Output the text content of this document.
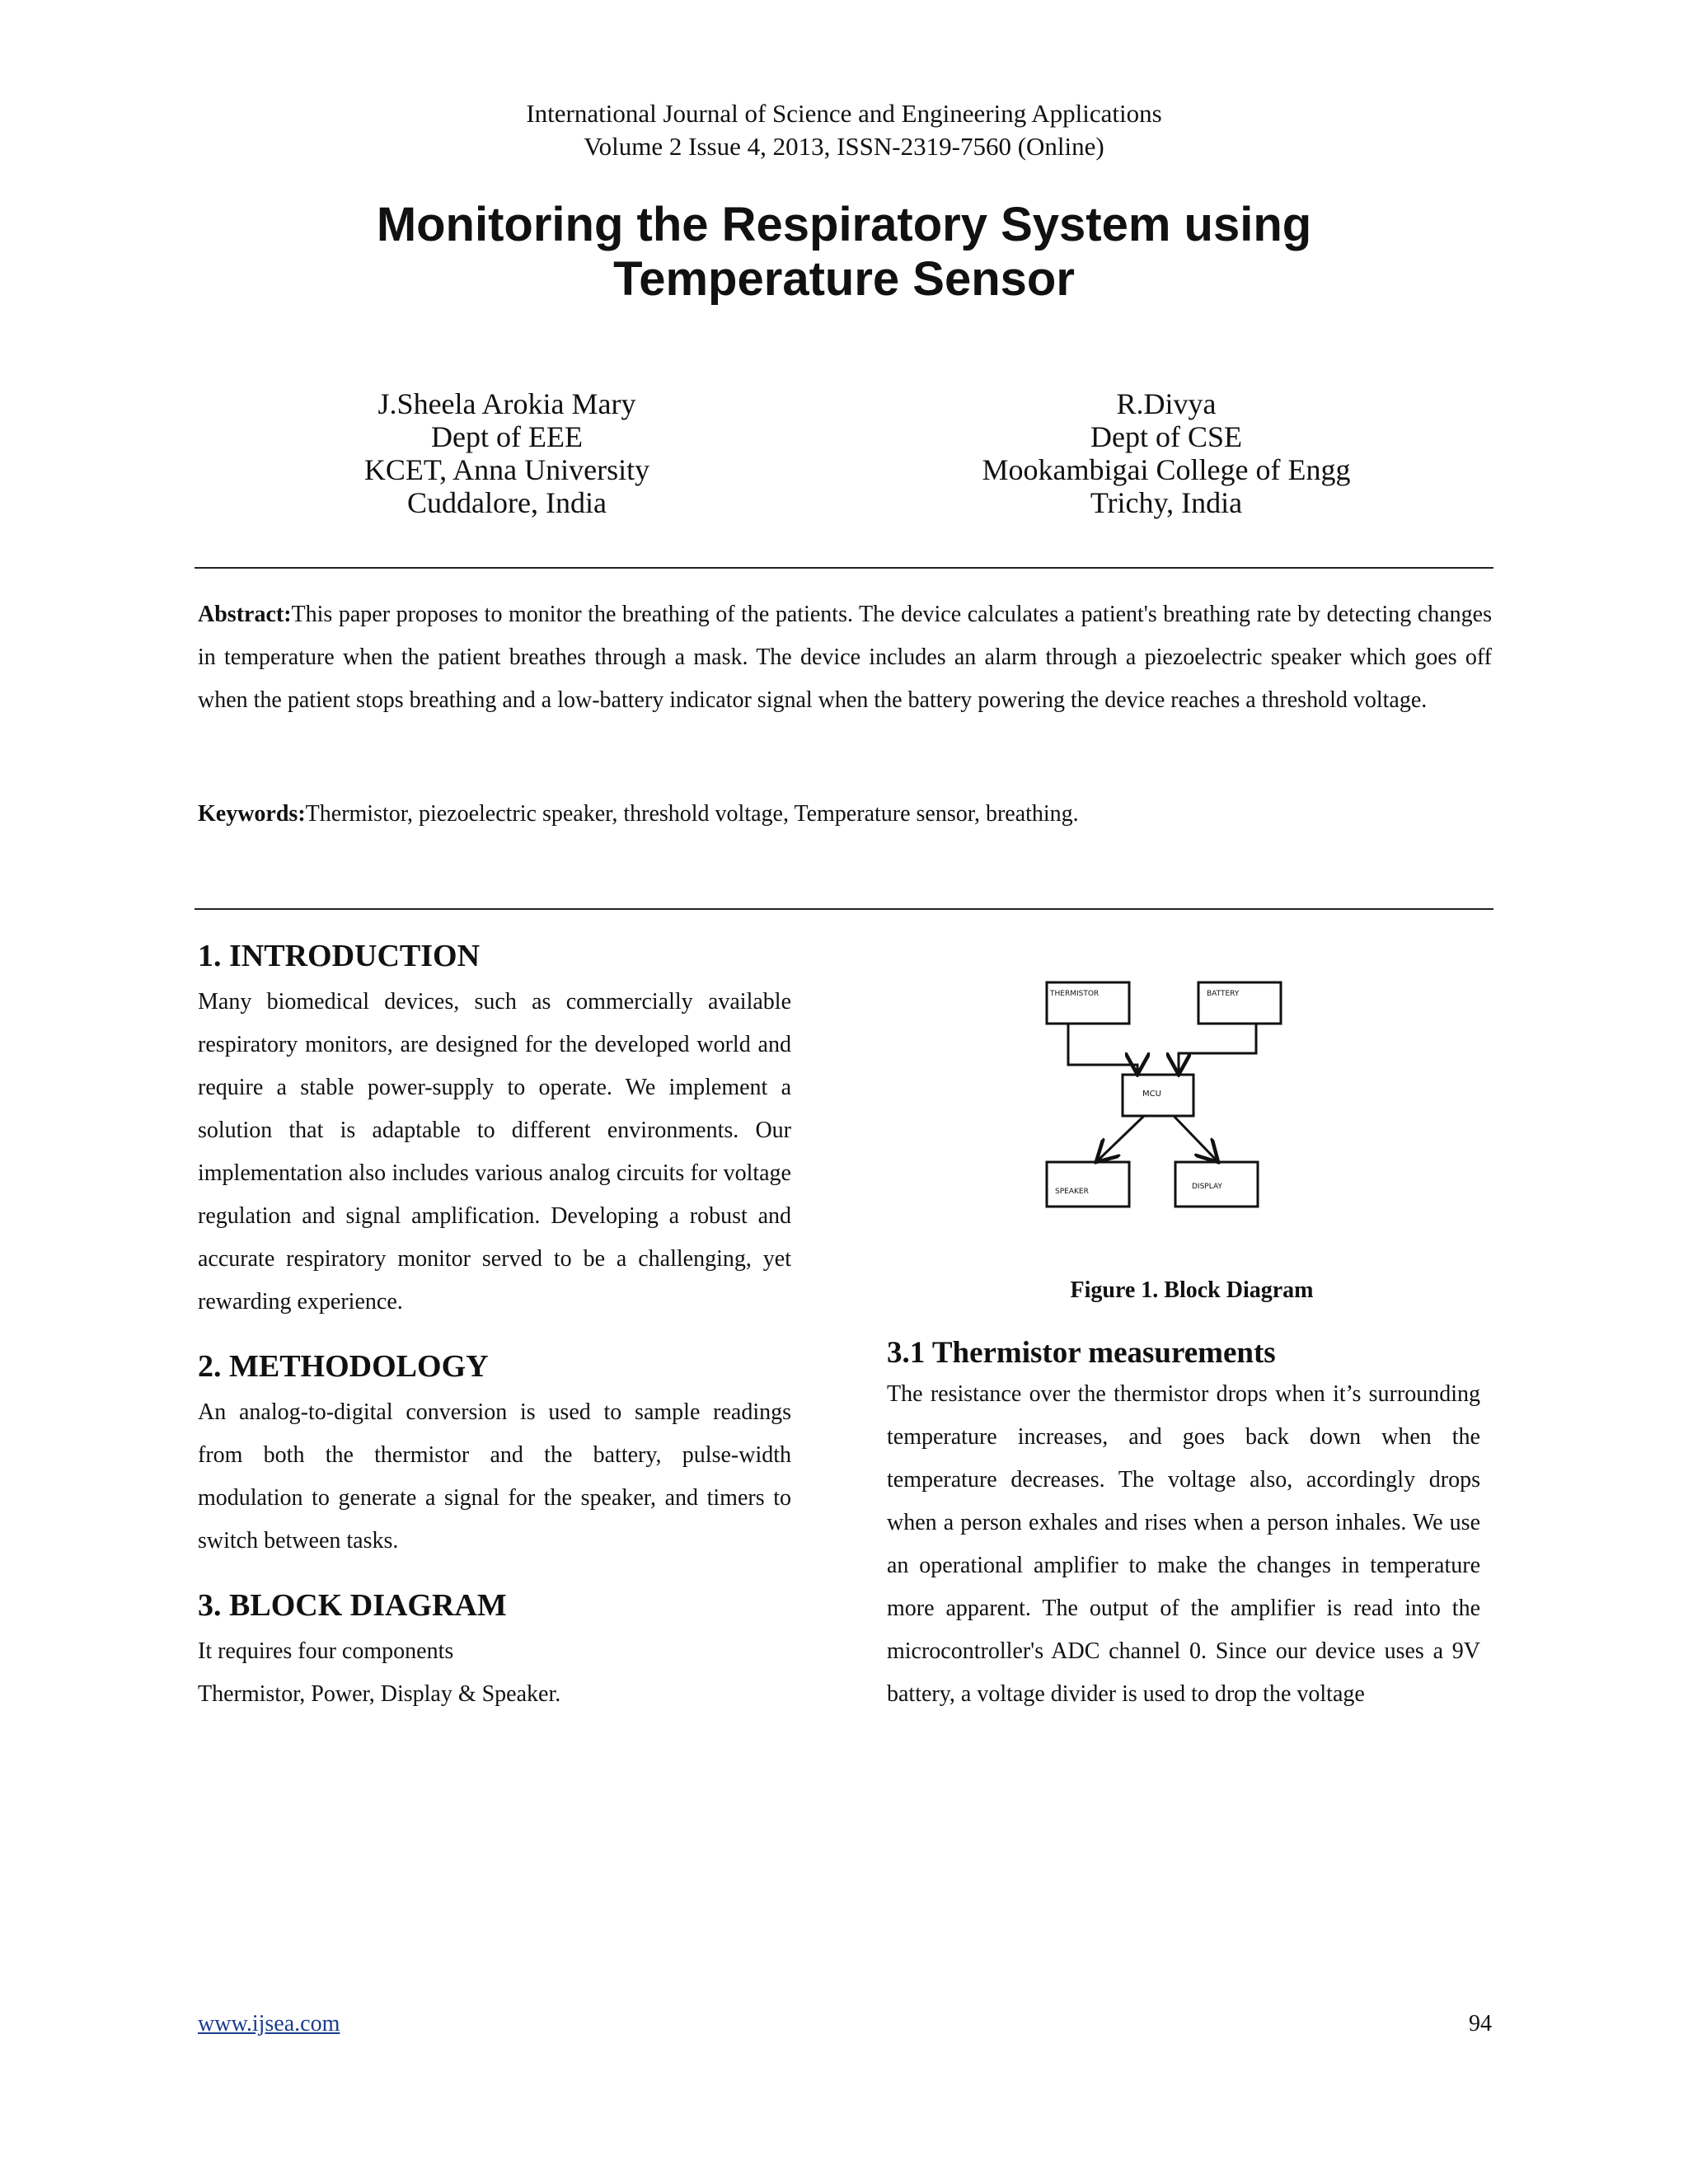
International Journal of Science and Engineering Applications
Volume 2 Issue 4, 2013, ISSN-2319-7560 (Online)
Monitoring the Respiratory System using
Temperature Sensor
J.Sheela Arokia Mary
Dept of EEE
KCET, Anna University
Cuddalore, India
R.Divya
Dept of CSE
Mookambigai College of Engg
Trichy, India
Abstract:This paper proposes to monitor the breathing of the patients. The device calculates a patient's breathing rate by detecting changes in temperature when the patient breathes through a mask. The device includes an alarm through a piezoelectric speaker which goes off when the patient stops breathing and a low-battery indicator signal when the battery powering the device reaches a threshold voltage.
Keywords:Thermistor, piezoelectric speaker, threshold voltage, Temperature sensor, breathing.
1. INTRODUCTION

Many biomedical devices, such as commercially available respiratory monitors, are designed for the developed world and require a stable power-supply to operate. We implement a solution that is adaptable to different environments. Our implementation also includes various analog circuits for voltage regulation and signal amplification. Developing a robust and accurate respiratory monitor served to be a challenging, yet rewarding experience.

2. METHODOLOGY

An analog-to-digital conversion is used to sample readings from both the thermistor and the battery, pulse-width modulation to generate a signal for the speaker, and timers to switch between tasks.

3. BLOCK DIAGRAM

It requires four components

Thermistor, Power, Display & Speaker.

THERMISTOR	BATTERY
MCU
SPEAKER
DISPLAY
Figure 1. Block Diagram
3.1 Thermistor measurements

The resistance over the thermistor drops when it’s surrounding temperature increases, and goes back down when the temperature decreases. The voltage also, accordingly drops when a person exhales and rises when a person inhales. We use an operational amplifier to make the changes in temperature more apparent. The output of the amplifier is read into the microcontroller's ADC channel 0. Since our device uses a 9V battery, a voltage divider is used to drop the voltage

www.ijsea.com	94
